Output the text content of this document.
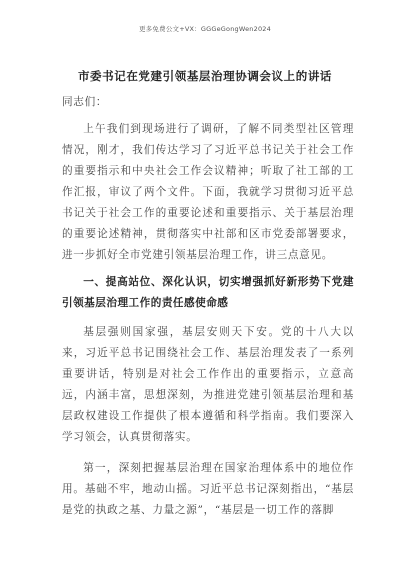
更多免费公文+VX：GGGeGongWen2024
市委书记在党建引领基层治理协调会议上的讲话

同志们：

上午我们到现场进行了调研，了解不同类型社区管理情况，刚才，我们传达学习了习近平总书记关于社会工作的重要指示和中央社会工作会议精神；听取了社工部的工作汇报，审议了两个文件。下面，我就学习贯彻习近平总书记关于社会工作的重要论述和重要指示、关于基层治理的重要论述精神，贯彻落实中社部和区市党委部署要求，进一步抓好全市党建引领基层治理工作，讲三点意见。

一、提高站位、深化认识，切实增强抓好新形势下党建引领基层治理工作的责任感使命感

基层强则国家强，基层安则天下安。党的十八大以来，习近平总书记围绕社会工作、基层治理发表了一系列重要讲话，特别是对社会工作作出的重要指示，立意高远，内涵丰富，思想深刻，为推进党建引领基层治理和基层政权建设工作提供了根本遵循和科学指南。我们要深入学习领会，认真贯彻落实。

第一，深刻把握基层治理在国家治理体系中的地位作用。基础不牢，地动山摇。习近平总书记深刻指出，“基层是党的执政之基、力量之源”，“基层是一切工作的落脚
